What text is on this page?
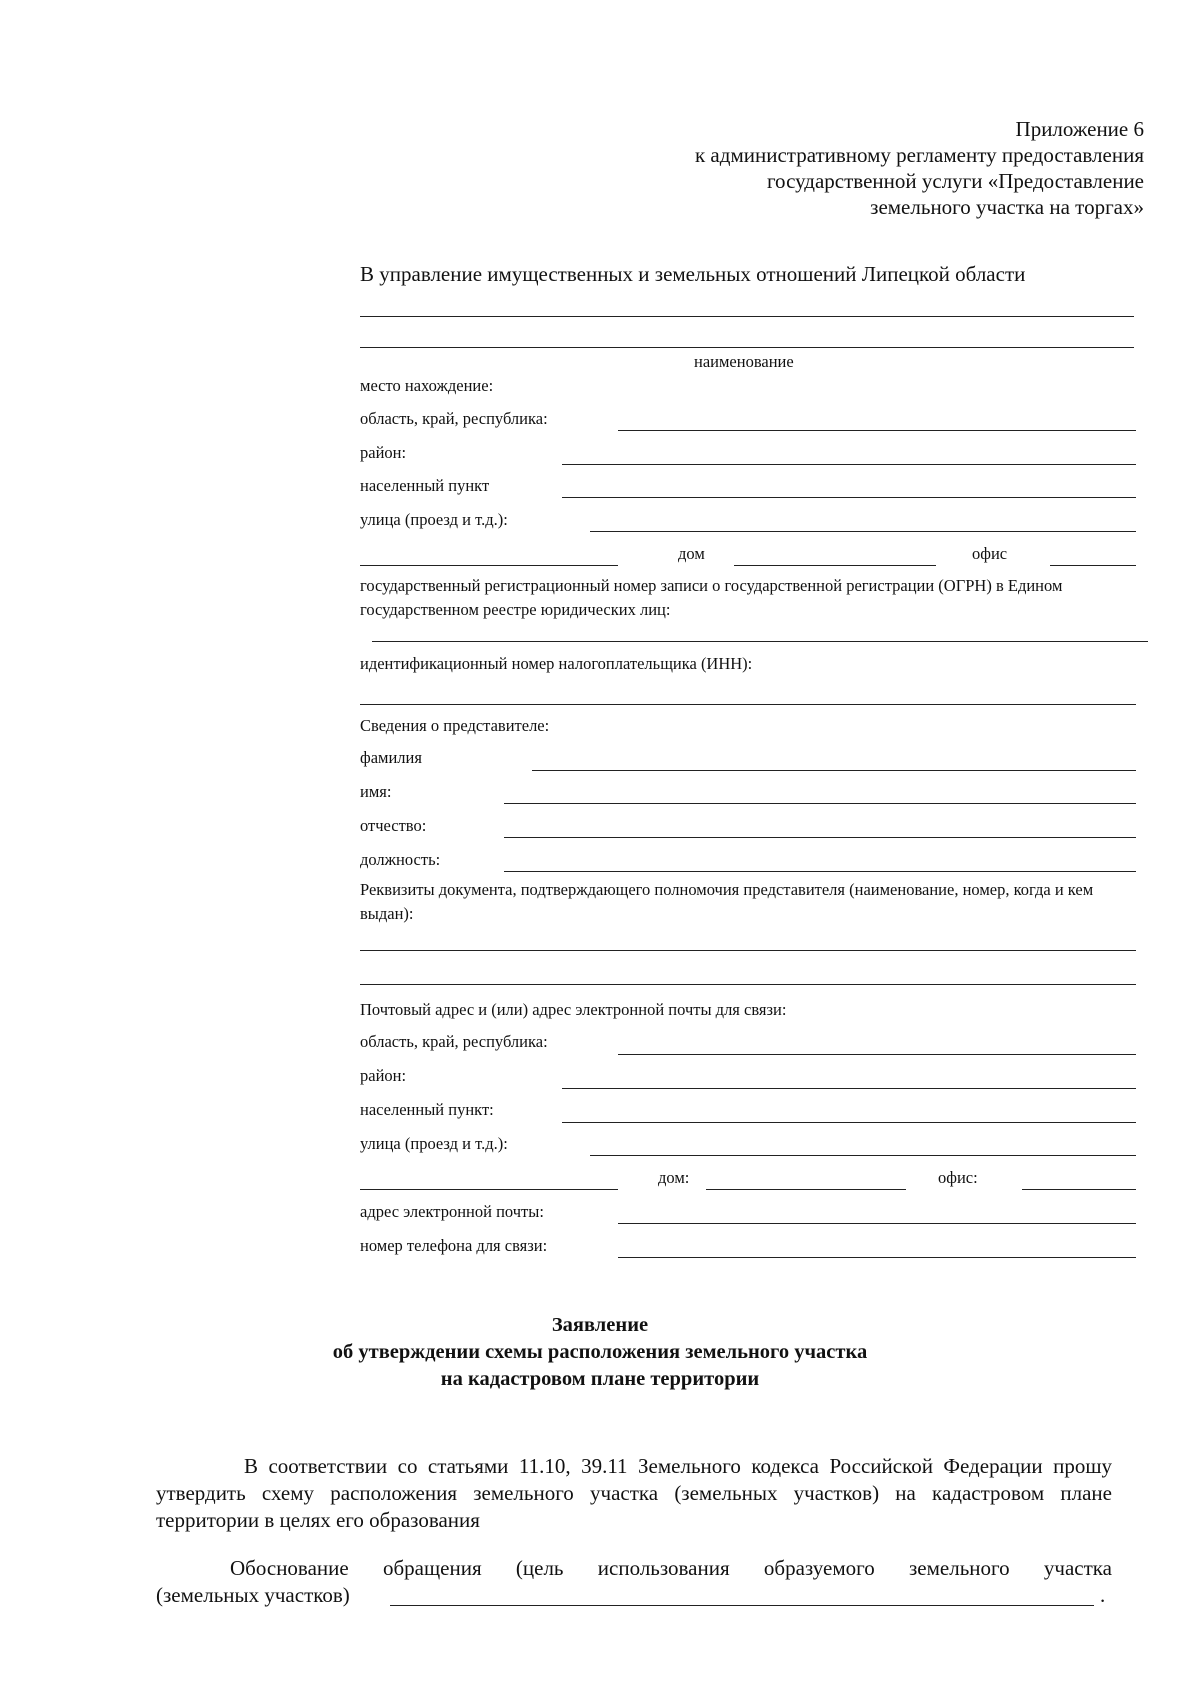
Приложение 6
к административному регламенту предоставления
государственной услуги «Предоставление
земельного участка на торгах»
В управление имущественных и земельных отношений Липецкой области
наименование
место нахождение:
область, край, республика:
район:
населенный пункт
улица (проезд и т.д.):
дом	офис
государственный регистрационный номер записи о государственной регистрации (ОГРН) в Едином государственном реестре юридических лиц:
идентификационный номер налогоплательщика (ИНН):
Сведения о представителе:
фамилия
имя:
отчество:
должность:
Реквизиты документа, подтверждающего полномочия представителя (наименование, номер, когда и кем выдан):
Почтовый адрес и (или) адрес электронной почты для связи:
область, край, республика:
район:
населенный пункт:
улица (проезд и т.д.):
дом:	офис:
адрес электронной почты:
номер телефона для связи:
Заявление
об утверждении схемы расположения земельного участка
на кадастровом плане территории
В соответствии со статьями 11.10, 39.11 Земельного кодекса Российской Федерации прошу утвердить схему расположения земельного участка (земельных участков) на кадастровом плане территории в целях его образования
Обоснование обращения (цель использования образуемого земельного участка
(земельных участков)	.
